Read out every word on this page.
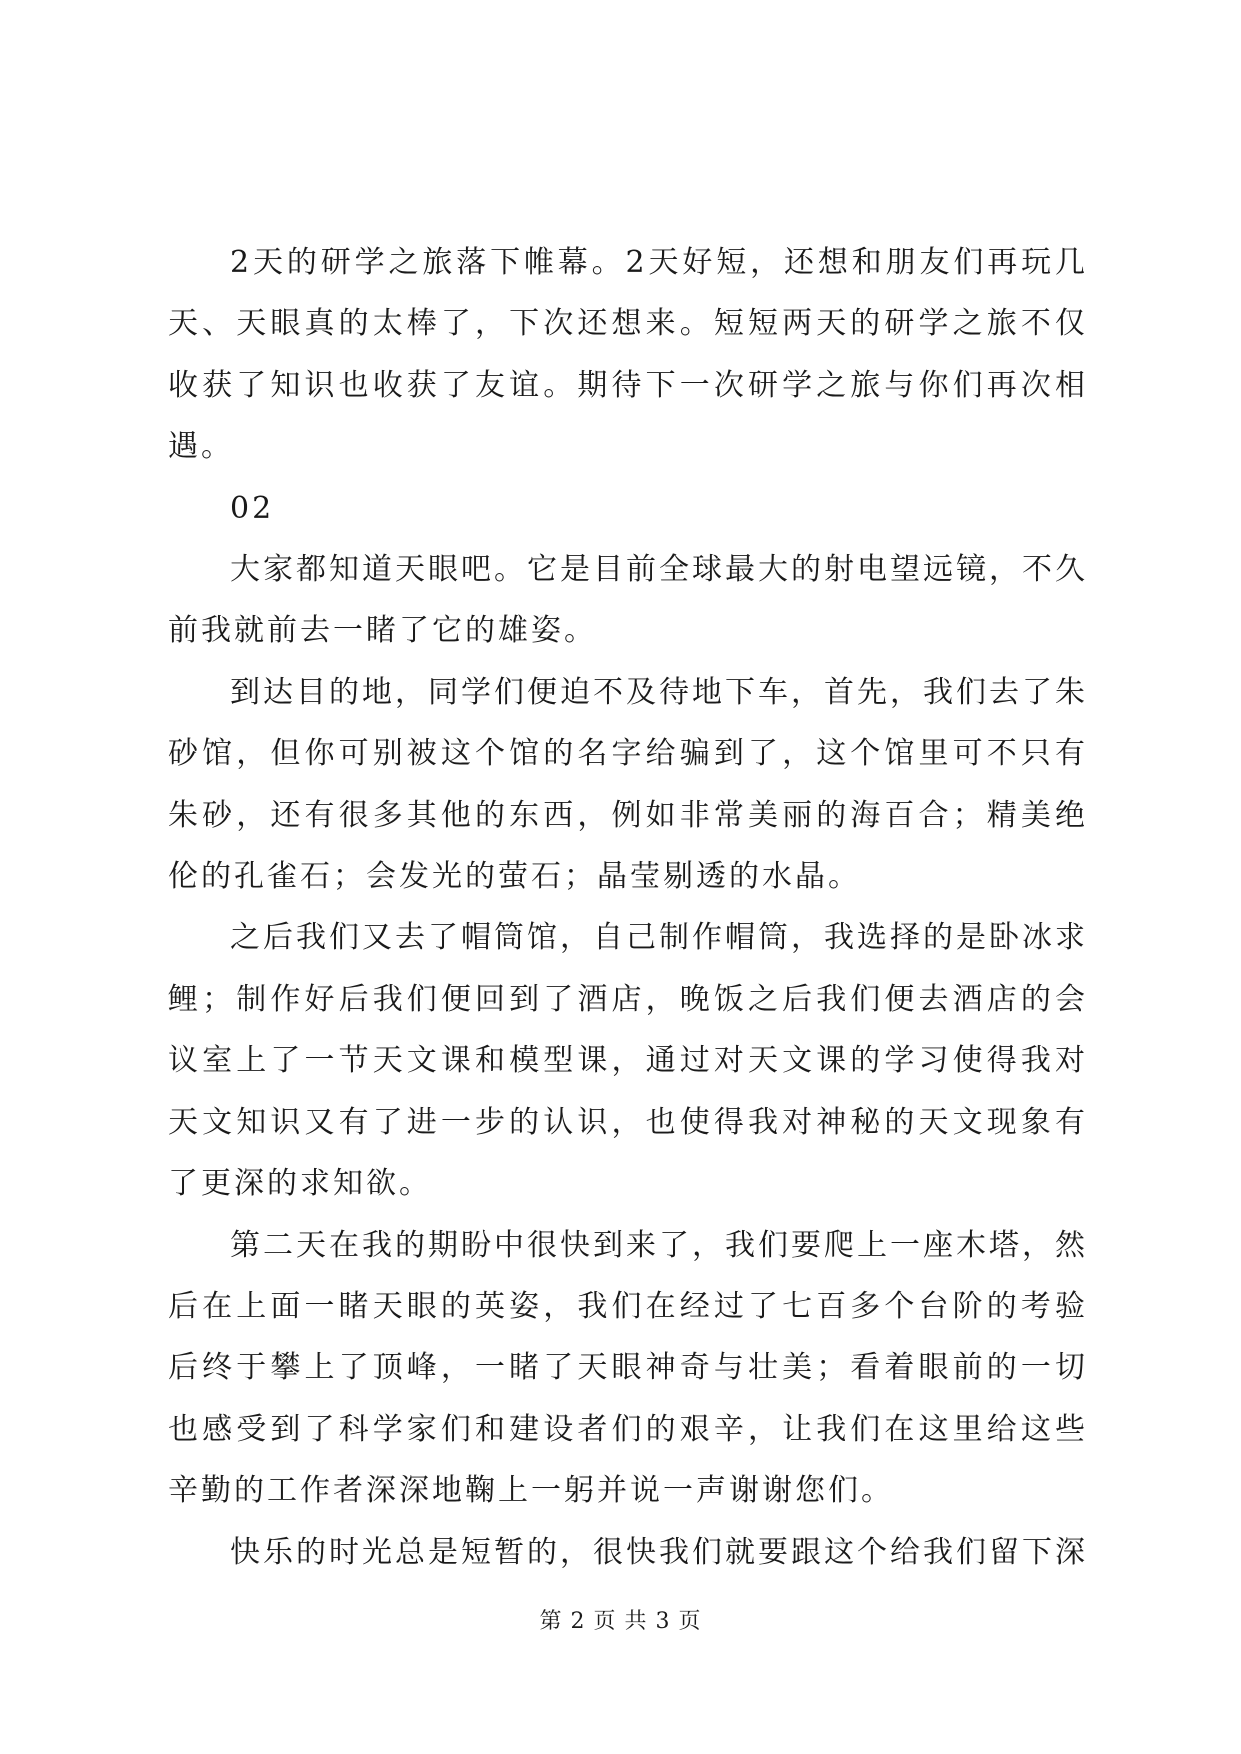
2天的研学之旅落下帷幕。2天好短，还想和朋友们再玩几天、天眼真的太棒了，下次还想来。短短两天的研学之旅不仅收获了知识也收获了友谊。期待下一次研学之旅与你们再次相遇。

02

大家都知道天眼吧。它是目前全球最大的射电望远镜，不久前我就前去一睹了它的雄姿。

到达目的地，同学们便迫不及待地下车，首先，我们去了朱砂馆，但你可别被这个馆的名字给骗到了，这个馆里可不只有朱砂，还有很多其他的东西，例如非常美丽的海百合；精美绝伦的孔雀石；会发光的萤石；晶莹剔透的水晶。

之后我们又去了帽筒馆，自己制作帽筒，我选择的是卧冰求鲤；制作好后我们便回到了酒店，晚饭之后我们便去酒店的会议室上了一节天文课和模型课，通过对天文课的学习使得我对天文知识又有了进一步的认识，也使得我对神秘的天文现象有了更深的求知欲。

第二天在我的期盼中很快到来了，我们要爬上一座木塔，然后在上面一睹天眼的英姿，我们在经过了七百多个台阶的考验后终于攀上了顶峰，一睹了天眼神奇与壮美；看着眼前的一切也感受到了科学家们和建设者们的艰辛，让我们在这里给这些辛勤的工作者深深地鞠上一躬并说一声谢谢您们。

快乐的时光总是短暂的，很快我们就要跟这个给我们留下深

第 2 页 共 3 页
